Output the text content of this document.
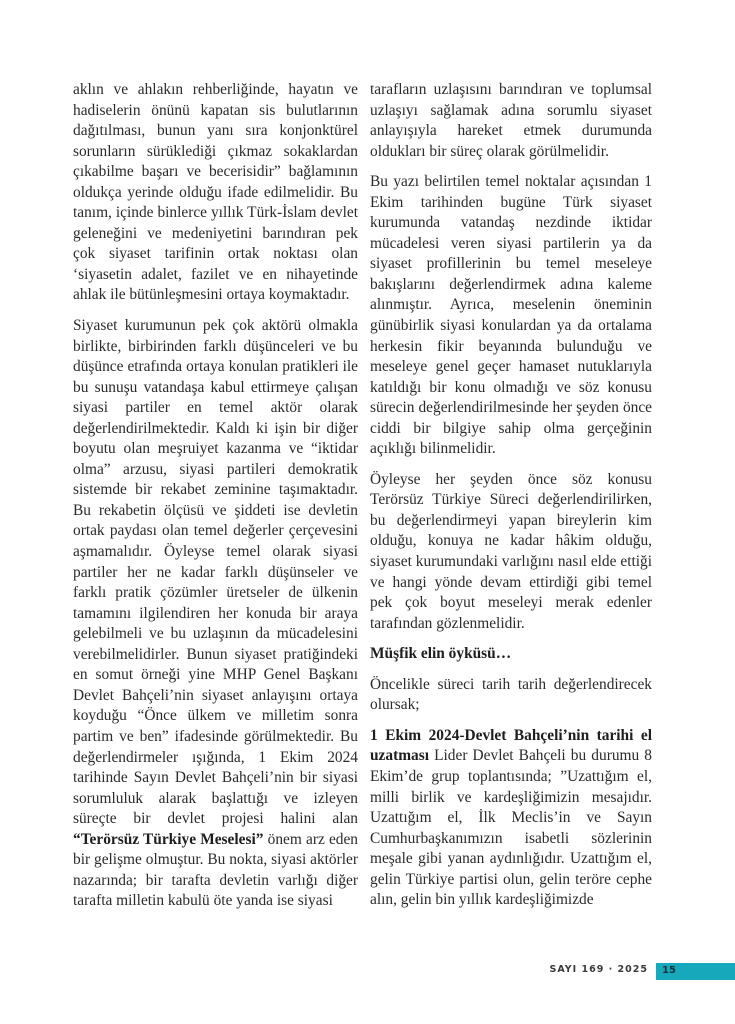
aklın ve ahlakın rehberliğinde, hayatın ve hadiselerin önünü kapatan sis bulutlarının dağıtılması, bunun yanı sıra konjonktürel sorunların sürüklediği çıkmaz sokaklardan çıkabilme başarı ve becerisidir” bağlamının oldukça yerinde olduğu ifade edilmelidir. Bu tanım, içinde binlerce yıllık Türk-İslam devlet geleneğini ve medeniyetini barındıran pek çok siyaset tarifinin ortak noktası olan ‘siyasetin adalet, fazilet ve en nihayetinde ahlak ile bütünleşmesini ortaya koymaktadır.

Siyaset kurumunun pek çok aktörü olmakla birlikte, birbirinden farklı düşünceleri ve bu düşünce etrafında ortaya konulan pratikleri ile bu sunuşu vatandaşa kabul ettirmeye çalışan siyasi partiler en temel aktör olarak değerlendirilmektedir. Kaldı ki işin bir diğer boyutu olan meşruiyet kazanma ve “iktidar olma” arzusu, siyasi partileri demokratik sistemde bir rekabet zeminine taşımaktadır. Bu rekabetin ölçüsü ve şiddeti ise devletin ortak paydası olan temel değerler çerçevesini aşmamalıdır. Öyleyse temel olarak siyasi partiler her ne kadar farklı düşünseler ve farklı pratik çözümler üretseler de ülkenin tamamını ilgilendiren her konuda bir araya gelebilmeli ve bu uzlaşının da mücadelesini verebilmelidirler. Bunun siyaset pratiğindeki en somut örneği yine MHP Genel Başkanı Devlet Bahçeli’nin siyaset anlayışını ortaya koyduğu “Önce ülkem ve milletim sonra partim ve ben” ifadesinde görülmektedir. Bu değerlendirmeler ışığında, 1 Ekim 2024 tarihinde Sayın Devlet Bahçeli’nin bir siyasi sorumluluk alarak başlattığı ve izleyen süreçte bir devlet projesi halini alan “Terörsüz Türkiye Meselesi” önem arz eden bir gelişme olmuştur. Bu nokta, siyasi aktörler nazarında; bir tarafta devletin varlığı diğer tarafta milletin kabulü öte yanda ise siyasi

tarafların uzlaşısını barındıran ve toplumsal uzlaşıyı sağlamak adına sorumlu siyaset anlayışıyla hareket etmek durumunda oldukları bir süreç olarak görülmelidir.

Bu yazı belirtilen temel noktalar açısından 1 Ekim tarihinden bugüne Türk siyaset kurumunda vatandaş nezdinde iktidar mücadelesi veren siyasi partilerin ya da siyaset profillerinin bu temel meseleye bakışlarını değerlendirmek adına kaleme alınmıştır. Ayrıca, meselenin öneminin günübirlik siyasi konulardan ya da ortalama herkesin fikir beyanında bulunduğu ve meseleye genel geçer hamaset nutuklarıyla katıldığı bir konu olmadığı ve söz konusu sürecin değerlendirilmesinde her şeyden önce ciddi bir bilgiye sahip olma gerçeğinin açıklığı bilinmelidir.

Öyleyse her şeyden önce söz konusu Terörsüz Türkiye Süreci değerlendirilirken, bu değerlendirmeyi yapan bireylerin kim olduğu, konuya ne kadar hâkim olduğu, siyaset kurumundaki varlığını nasıl elde ettiği ve hangi yönde devam ettirdiği gibi temel pek çok boyut meseleyi merak edenler tarafından gözlenmelidir.

Müşfik elin öyküsü…

Öncelikle süreci tarih tarih değerlendirecek olursak;

1 Ekim 2024-Devlet Bahçeli’nin tarihi el uzatması Lider Devlet Bahçeli bu durumu 8 Ekim’de grup toplantısında; ”Uzattığım el, milli birlik ve kardeşliğimizin mesajıdır. Uzattığım el, İlk Meclis’in ve Sayın Cumhurbaşkanımızın isabetli sözlerinin meşale gibi yanan aydınlığıdır. Uzattığım el, gelin Türkiye partisi olun, gelin teröre cephe alın, gelin bin yıllık kardeşliğimizde

SAYI 169 · 2025 15
